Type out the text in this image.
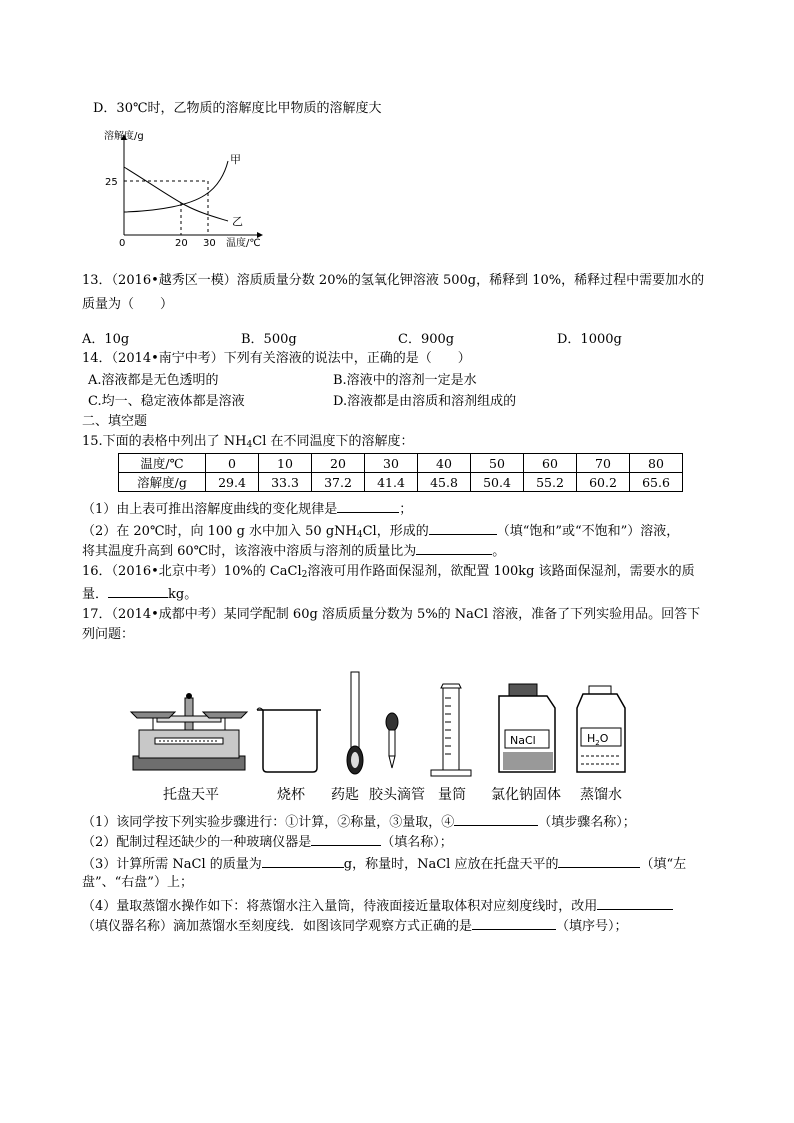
D．30℃时，乙物质的溶解度比甲物质的溶解度大
溶解度/g
温度/℃
25
0	20 30
甲
乙
13．（2016•越秀区一模）溶质质量分数 20%的氢氧化钾溶液 500g，稀释到 10%，稀释过程中需要加水的
质量为（　　）
A．10g	B．500g	C．900g	D．1000g
14．（2014•南宁中考）下列有关溶液的说法中，正确的是（　　）
A.溶液都是无色透明的	B.溶液中的溶剂一定是水
C.均一、稳定液体都是溶液	D.溶液都是由溶质和溶剂组成的
二、填空题
15.下面的表格中列出了 $NH_4Cl$ 在不同温度下的溶解度：
温度/℃	0	10	20	30	40	50	60	70	80
溶解度/g	29.4	33.3	37.2	41.4	45.8	50.4	55.2	60.2	65.6
（1）由上表可推出溶解度曲线的变化规律是	；
（2）在 20℃时，向 100 g 水中加入 50 gNH$_4$Cl，形成的	（填“饱和”或“不饱和”）溶液，
将其温度升高到 60℃时，该溶液中溶质与溶剂的质量比为	。
16．（2016•北京中考）10%的 CaCl$_2$溶液可用作路面保湿剂，欲配置 100kg 该路面保湿剂，需要水的质
量．	kg。
17．（2014•成都中考）某同学配制 60g 溶质质量分数为 5%的 NaCl 溶液，准备了下列实验用品。回答下
列问题：
NaCl	$H_2O$
托盘天平	烧杯 药匙 胶头滴管 量筒 氯化钠固体 蒸馏水
（1）该同学按下列实验步骤进行：①计算，②称量，③量取，④	（填步骤名称）；
（2）配制过程还缺少的一种玻璃仪器是	（填名称）；
（3）计算所需 NaCl 的质量为	g，称量时，NaCl 应放在托盘天平的	（填“左
盘”、“右盘”）上；
（4）量取蒸馏水操作如下：将蒸馏水注入量筒，待液面接近量取体积对应刻度线时，改用
（填仪器名称）滴加蒸馏水至刻度线．如图该同学观察方式正确的是	（填序号）；
